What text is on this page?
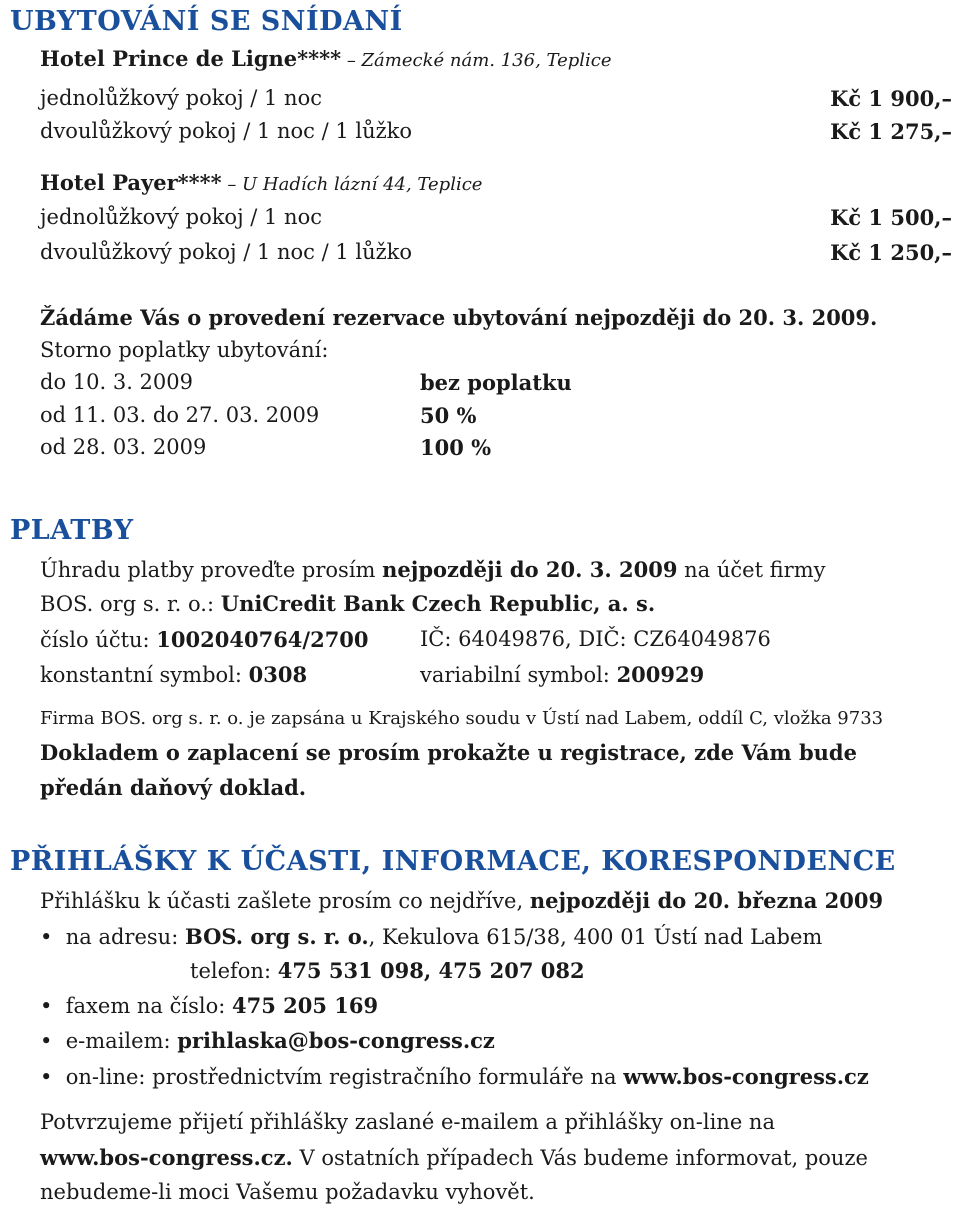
UBYTOVÁNÍ SE SNÍDANÍ
Hotel Prince de Ligne**** – Zámecké nám. 136, Teplice
jednolůžkový pokoj / 1 noc	Kč 1 900,–
dvoulůžkový pokoj / 1 noc / 1 lůžko	Kč 1 275,–
Hotel Payer**** – U Hadích lázní 44, Teplice
jednolůžkový pokoj / 1 noc	Kč 1 500,–
dvoulůžkový pokoj / 1 noc / 1 lůžko	Kč 1 250,–
Žádáme Vás o provedení rezervace ubytování nejpozději do 20. 3. 2009.
Storno poplatky ubytování:
do 10. 3. 2009	bez poplatku
od 11. 03. do 27. 03. 2009	50 %
od 28. 03. 2009	100 %
PLATBY
Úhradu platby proveďte prosím nejpozději do 20. 3. 2009 na účet firmy
BOS. org s. r. o.: UniCredit Bank Czech Republic, a. s.
číslo účtu: 1002040764/2700 IČ: 64049876, DIČ: CZ64049876
konstantní symbol: 0308	variabilní symbol: 200929
Firma BOS. org s. r. o. je zapsána u Krajského soudu v Ústí nad Labem, oddíl C, vložka 9733
Dokladem o zaplacení se prosím prokažte u registrace, zde Vám bude
předán daňový doklad.
PŘIHLÁŠKY K ÚČASTI, INFORMACE, KORESPONDENCE
Přihlášku k účasti zašlete prosím co nejdříve, nejpozději do 20. března 2009
•  na adresu: BOS. org s. r. o., Kekulova 615/38, 400 01 Ústí nad Labem
telefon: 475 531 098, 475 207 082
•  faxem na číslo: 475 205 169
•  e-mailem: prihlaska@bos-congress.cz
•  on-line: prostřednictvím registračního formuláře na www.bos-congress.cz
Potvrzujeme přijetí přihlášky zaslané e-mailem a přihlášky on-line na
www.bos-congress.cz. V ostatních případech Vás budeme informovat, pouze
nebudeme-li moci Vašemu požadavku vyhovět.
